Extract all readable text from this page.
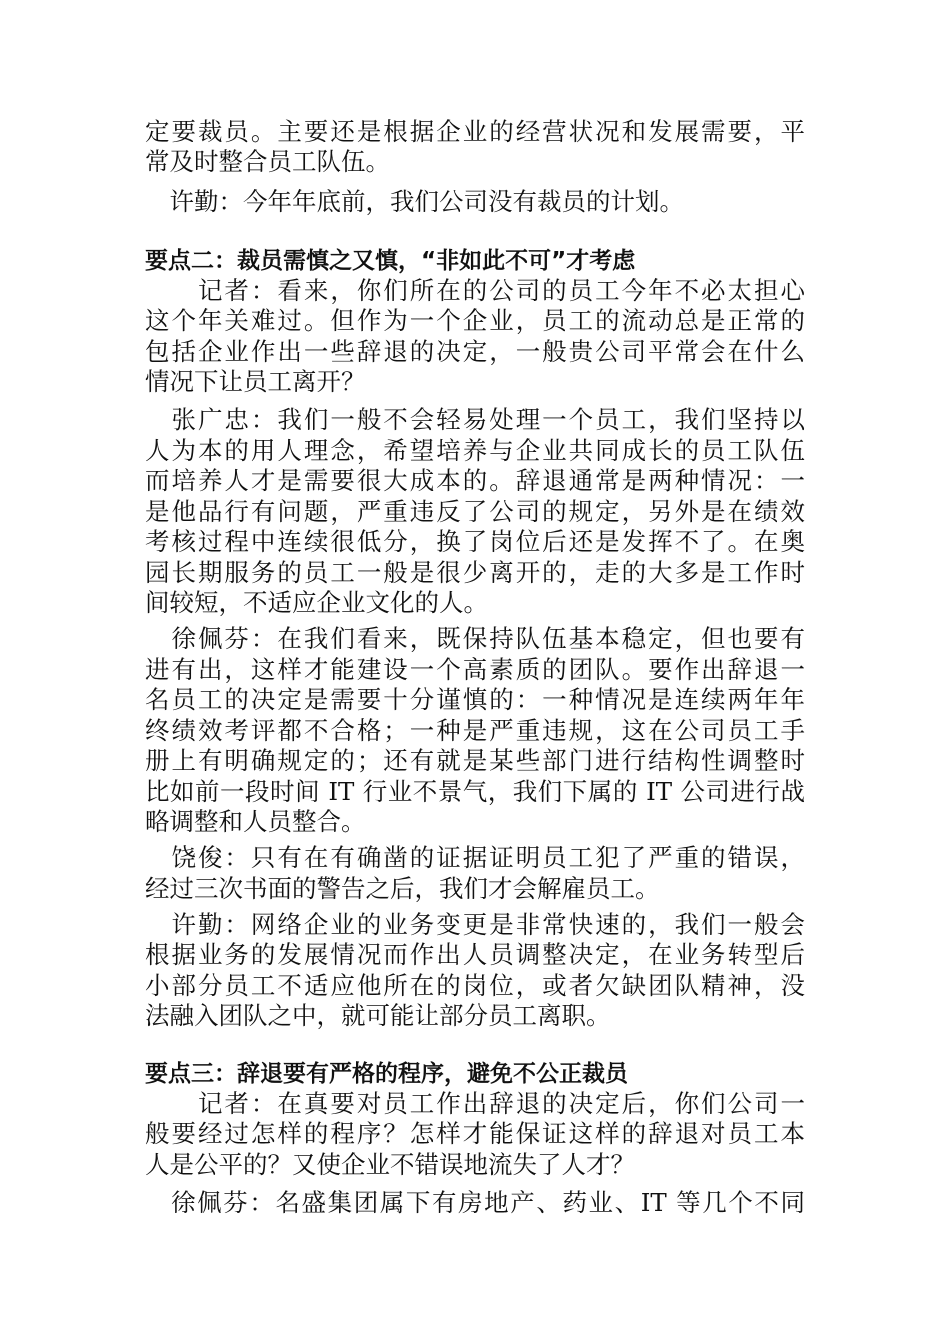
定要裁员。主要还是根据企业的经营状况和发展需要，平
常及时整合员工队伍。
　许勤：今年年底前，我们公司没有裁员的计划。
要点二：裁员需慎之又慎，“非如此不可”才考虑
　　记者：看来，你们所在的公司的员工今年不必太担心
这个年关难过。但作为一个企业，员工的流动总是正常的
包括企业作出一些辞退的决定，一般贵公司平常会在什么
情况下让员工离开？
　张广忠：我们一般不会轻易处理一个员工，我们坚持以
人为本的用人理念，希望培养与企业共同成长的员工队伍
而培养人才是需要很大成本的。辞退通常是两种情况：一
是他品行有问题，严重违反了公司的规定，另外是在绩效
考核过程中连续很低分，换了岗位后还是发挥不了。在奥
园长期服务的员工一般是很少离开的，走的大多是工作时
间较短，不适应企业文化的人。
　徐佩芬：在我们看来，既保持队伍基本稳定，但也要有
进有出，这样才能建设一个高素质的团队。要作出辞退一
名员工的决定是需要十分谨慎的：一种情况是连续两年年
终绩效考评都不合格；一种是严重违规，这在公司员工手
册上有明确规定的；还有就是某些部门进行结构性调整时
比如前一段时间 IT 行业不景气，我们下属的 IT 公司进行战
略调整和人员整合。
　饶俊：只有在有确凿的证据证明员工犯了严重的错误，
经过三次书面的警告之后，我们才会解雇员工。
　许勤：网络企业的业务变更是非常快速的，我们一般会
根据业务的发展情况而作出人员调整决定，在业务转型后
小部分员工不适应他所在的岗位，或者欠缺团队精神，没
法融入团队之中，就可能让部分员工离职。
要点三：辞退要有严格的程序，避免不公正裁员
　　记者：在真要对员工作出辞退的决定后，你们公司一
般要经过怎样的程序？怎样才能保证这样的辞退对员工本
人是公平的？又使企业不错误地流失了人才？
　徐佩芬：名盛集团属下有房地产、药业、IT 等几个不同
